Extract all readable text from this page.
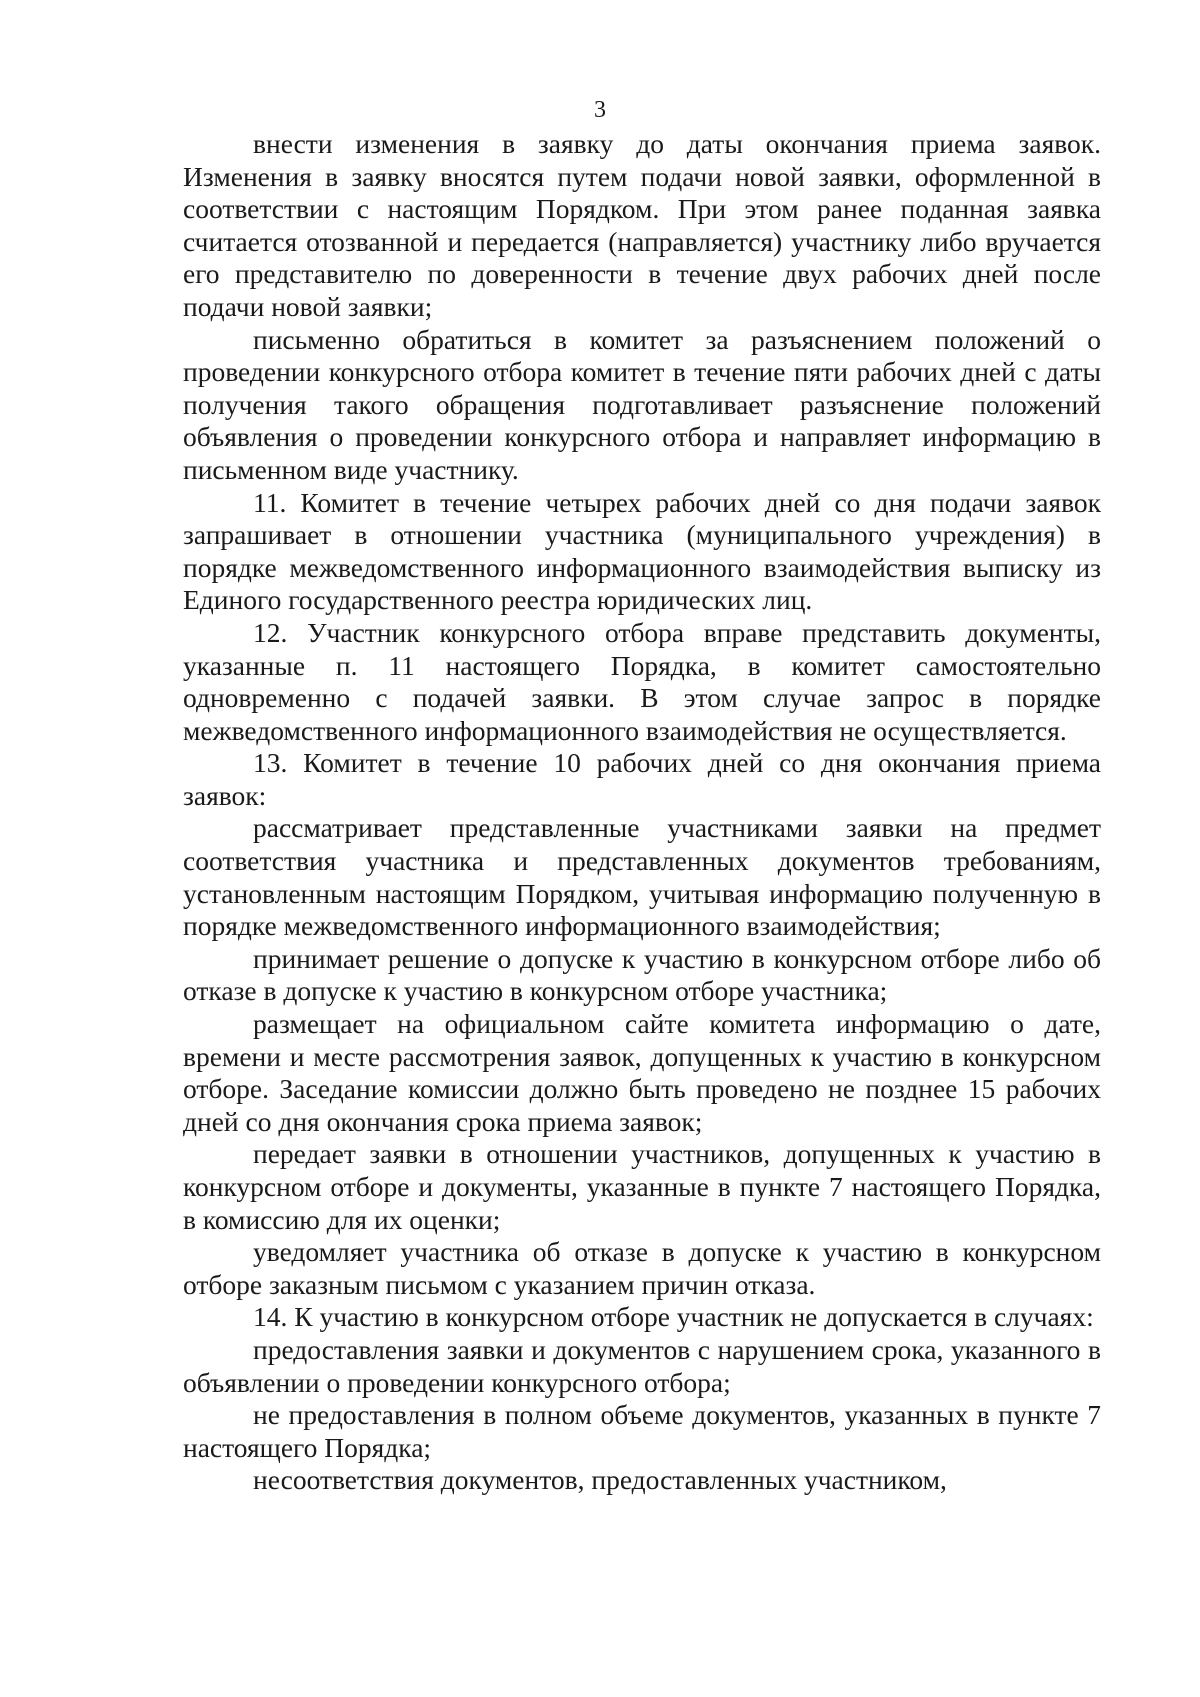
3

внести изменения в заявку до даты окончания приема заявок. Изменения в заявку вносятся путем подачи новой заявки, оформленной в соответствии с настоящим Порядком. При этом ранее поданная заявка считается отозванной и передается (направляется) участнику либо вручается его представителю по доверенности в течение двух рабочих дней после подачи новой заявки;

письменно обратиться в комитет за разъяснением положений о проведении конкурсного отбора комитет в течение пяти рабочих дней с даты получения такого обращения подготавливает разъяснение положений объявления о проведении конкурсного отбора и направляет информацию в письменном виде участнику.

11. Комитет в течение четырех рабочих дней со дня подачи заявок запрашивает в отношении участника (муниципального учреждения) в порядке межведомственного информационного взаимодействия выписку из Единого государственного реестра юридических лиц.

12. Участник конкурсного отбора вправе представить документы, указанные п. 11 настоящего Порядка, в комитет самостоятельно одновременно с подачей заявки. В этом случае запрос в порядке межведомственного информационного взаимодействия не осуществляется.

13. Комитет в течение 10 рабочих дней со дня окончания приема заявок:

рассматривает представленные участниками заявки на предмет соответствия участника и представленных документов требованиям, установленным настоящим Порядком, учитывая информацию полученную в порядке межведомственного информационного взаимодействия;

принимает решение о допуске к участию в конкурсном отборе либо об отказе в допуске к участию в конкурсном отборе участника;

размещает на официальном сайте комитета информацию о дате, времени и месте рассмотрения заявок, допущенных к участию в конкурсном отборе. Заседание комиссии должно быть проведено не позднее 15 рабочих дней со дня окончания срока приема заявок;

передает заявки в отношении участников, допущенных к участию в конкурсном отборе и документы, указанные в пункте 7 настоящего Порядка, в комиссию для их оценки;

уведомляет участника об отказе в допуске к участию в конкурсном отборе заказным письмом с указанием причин отказа.

14. К участию в конкурсном отборе участник не допускается в случаях:

предоставления заявки и документов с нарушением срока, указанного в объявлении о проведении конкурсного отбора;

не предоставления в полном объеме документов, указанных в пункте 7 настоящего Порядка;

несоответствия документов, предоставленных участником,
